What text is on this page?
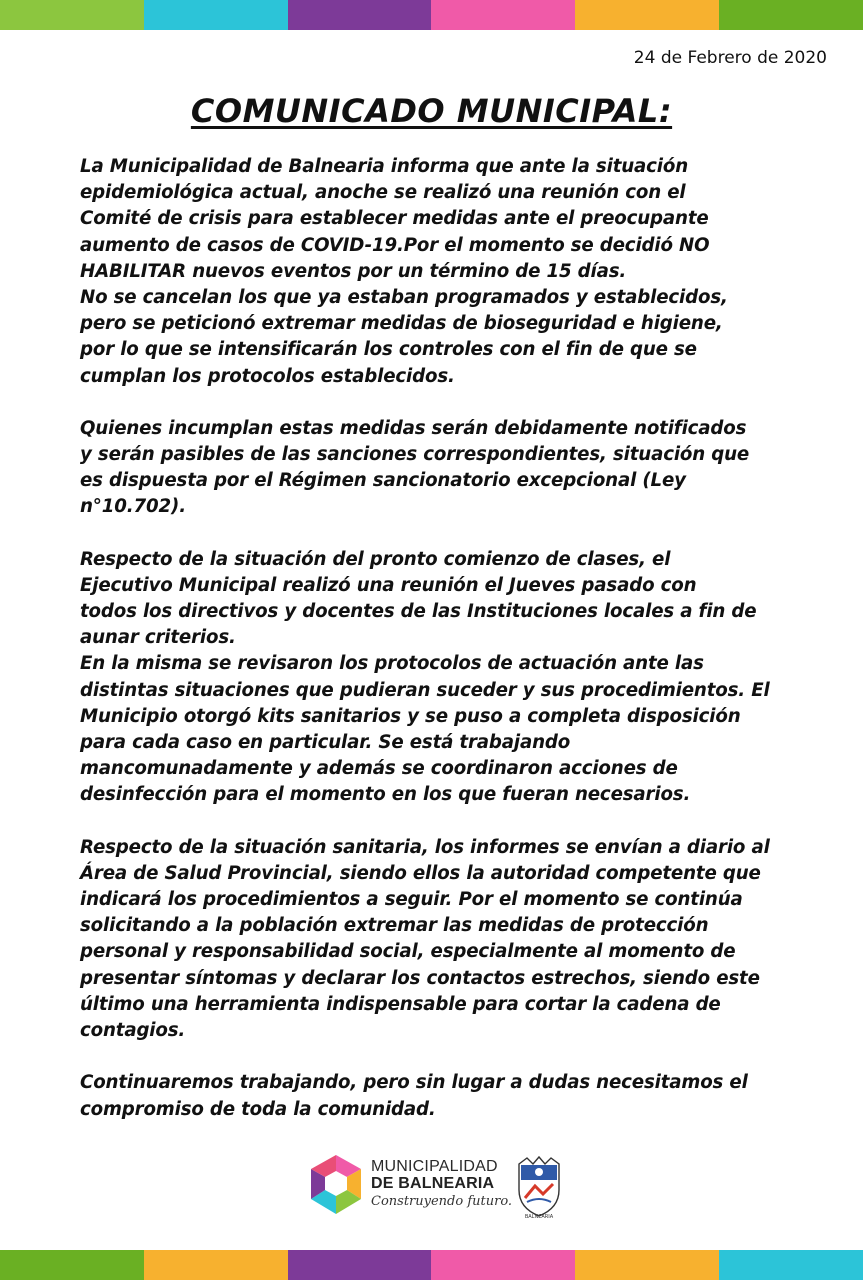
24 de Febrero de 2020
COMUNICADO MUNICIPAL:

La Municipalidad de Balnearia informa que ante la situación
epidemiológica actual, anoche se realizó una reunión con el
Comité de crisis para establecer medidas ante el preocupante
aumento de casos de COVID-19.Por el momento se decidió NO
HABILITAR nuevos eventos por un término de 15 días.
No se cancelan los que ya estaban programados y establecidos,
pero se peticionó extremar medidas de bioseguridad e higiene,
por lo que se intensificarán los controles con el fin de que se
cumplan los protocolos establecidos.

Quienes incumplan estas medidas serán debidamente notificados
y serán pasibles de las sanciones correspondientes, situación que
es dispuesta por el Régimen sancionatorio excepcional (Ley
n°10.702).

Respecto de la situación del pronto comienzo de clases, el
Ejecutivo Municipal realizó una reunión el Jueves pasado con
todos los directivos y docentes de las Instituciones locales a fin de
aunar criterios.
En la misma se revisaron los protocolos de actuación ante las
distintas situaciones que pudieran suceder y sus procedimientos. El
Municipio otorgó kits sanitarios y se puso a completa disposición
para cada caso en particular. Se está trabajando
mancomunadamente y además se coordinaron acciones de
desinfección para el momento en los que fueran necesarios.

Respecto de la situación sanitaria, los informes se envían a diario al
Área de Salud Provincial, siendo ellos la autoridad competente que
indicará los procedimientos a seguir. Por el momento se continúa
solicitando a la población extremar las medidas de protección
personal y responsabilidad social, especialmente al momento de
presentar síntomas y declarar los contactos estrechos, siendo este
último una herramienta indispensable para cortar la cadena de
contagios.

Continuaremos trabajando, pero sin lugar a dudas necesitamos el
compromiso de toda la comunidad.

MUNICIPALIDAD
DE BALNEARIA
Construyendo futuro.
BALNEARIA
